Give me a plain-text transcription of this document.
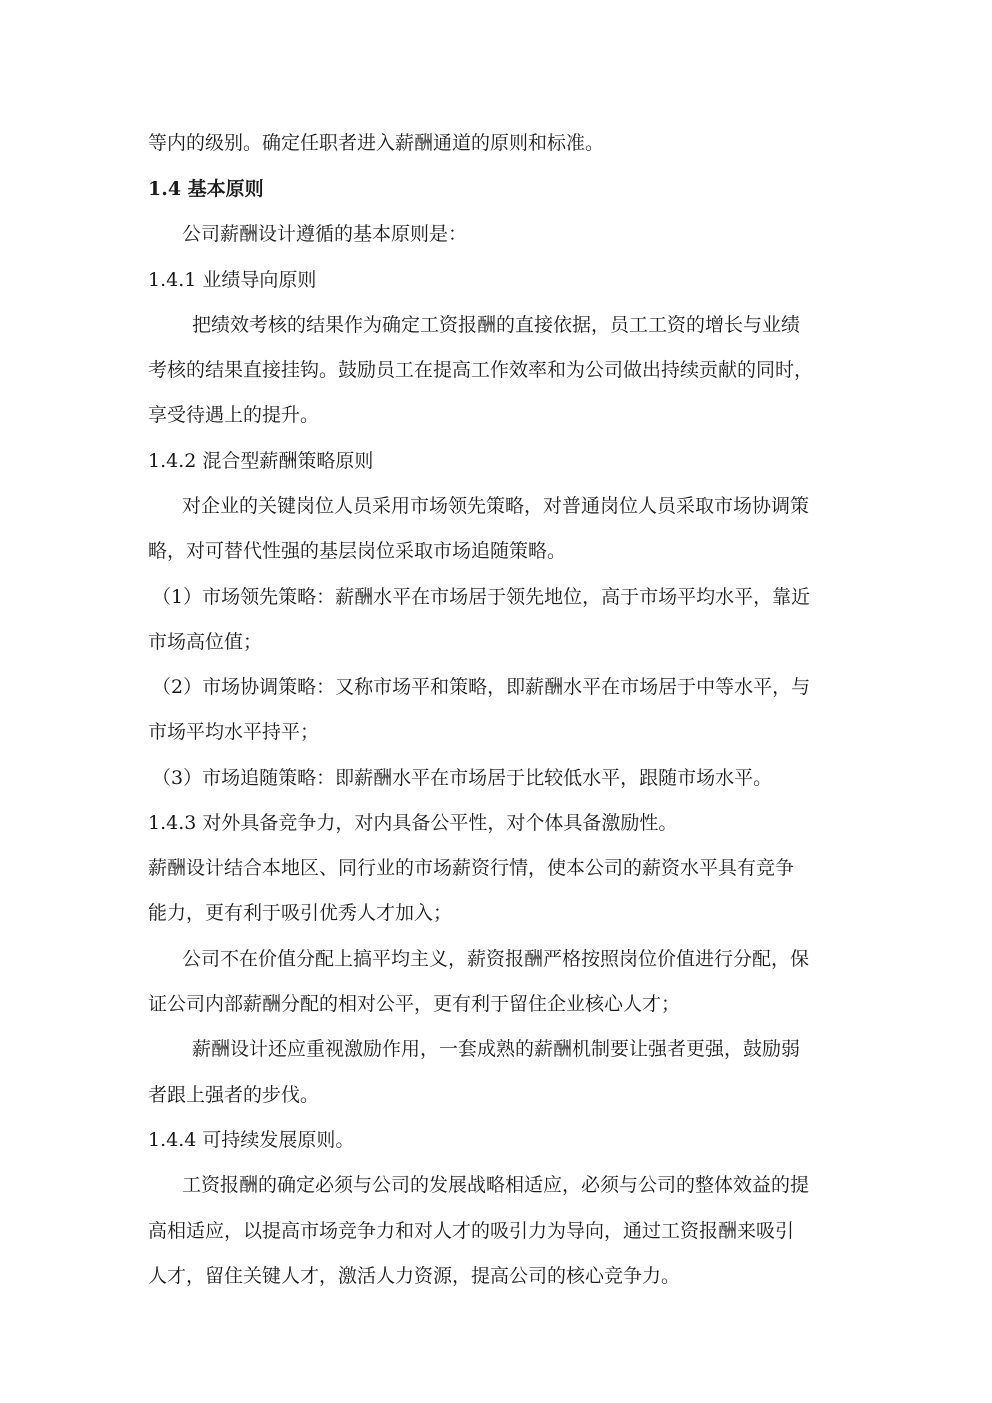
等内的级别。确定任职者进入薪酬通道的原则和标准。

1.4 基本原则

公司薪酬设计遵循的基本原则是：

1.4.1 业绩导向原则

把绩效考核的结果作为确定工资报酬的直接依据，员工工资的增长与业绩

考核的结果直接挂钩。鼓励员工在提高工作效率和为公司做出持续贡献的同时，

享受待遇上的提升。

1.4.2 混合型薪酬策略原则

对企业的关键岗位人员采用市场领先策略，对普通岗位人员采取市场协调策

略，对可替代性强的基层岗位采取市场追随策略。

（1）市场领先策略：薪酬水平在市场居于领先地位，高于市场平均水平，靠近

市场高位值；

（2）市场协调策略：又称市场平和策略，即薪酬水平在市场居于中等水平，与

市场平均水平持平；

（3）市场追随策略：即薪酬水平在市场居于比较低水平，跟随市场水平。

1.4.3 对外具备竞争力，对内具备公平性，对个体具备激励性。

薪酬设计结合本地区、同行业的市场薪资行情，使本公司的薪资水平具有竞争

能力，更有利于吸引优秀人才加入；

公司不在价值分配上搞平均主义，薪资报酬严格按照岗位价值进行分配，保

证公司内部薪酬分配的相对公平，更有利于留住企业核心人才；

薪酬设计还应重视激励作用，一套成熟的薪酬机制要让强者更强，鼓励弱

者跟上强者的步伐。

1.4.4 可持续发展原则。

工资报酬的确定必须与公司的发展战略相适应，必须与公司的整体效益的提

高相适应，以提高市场竞争力和对人才的吸引力为导向，通过工资报酬来吸引

人才，留住关键人才，激活人力资源，提高公司的核心竞争力。
